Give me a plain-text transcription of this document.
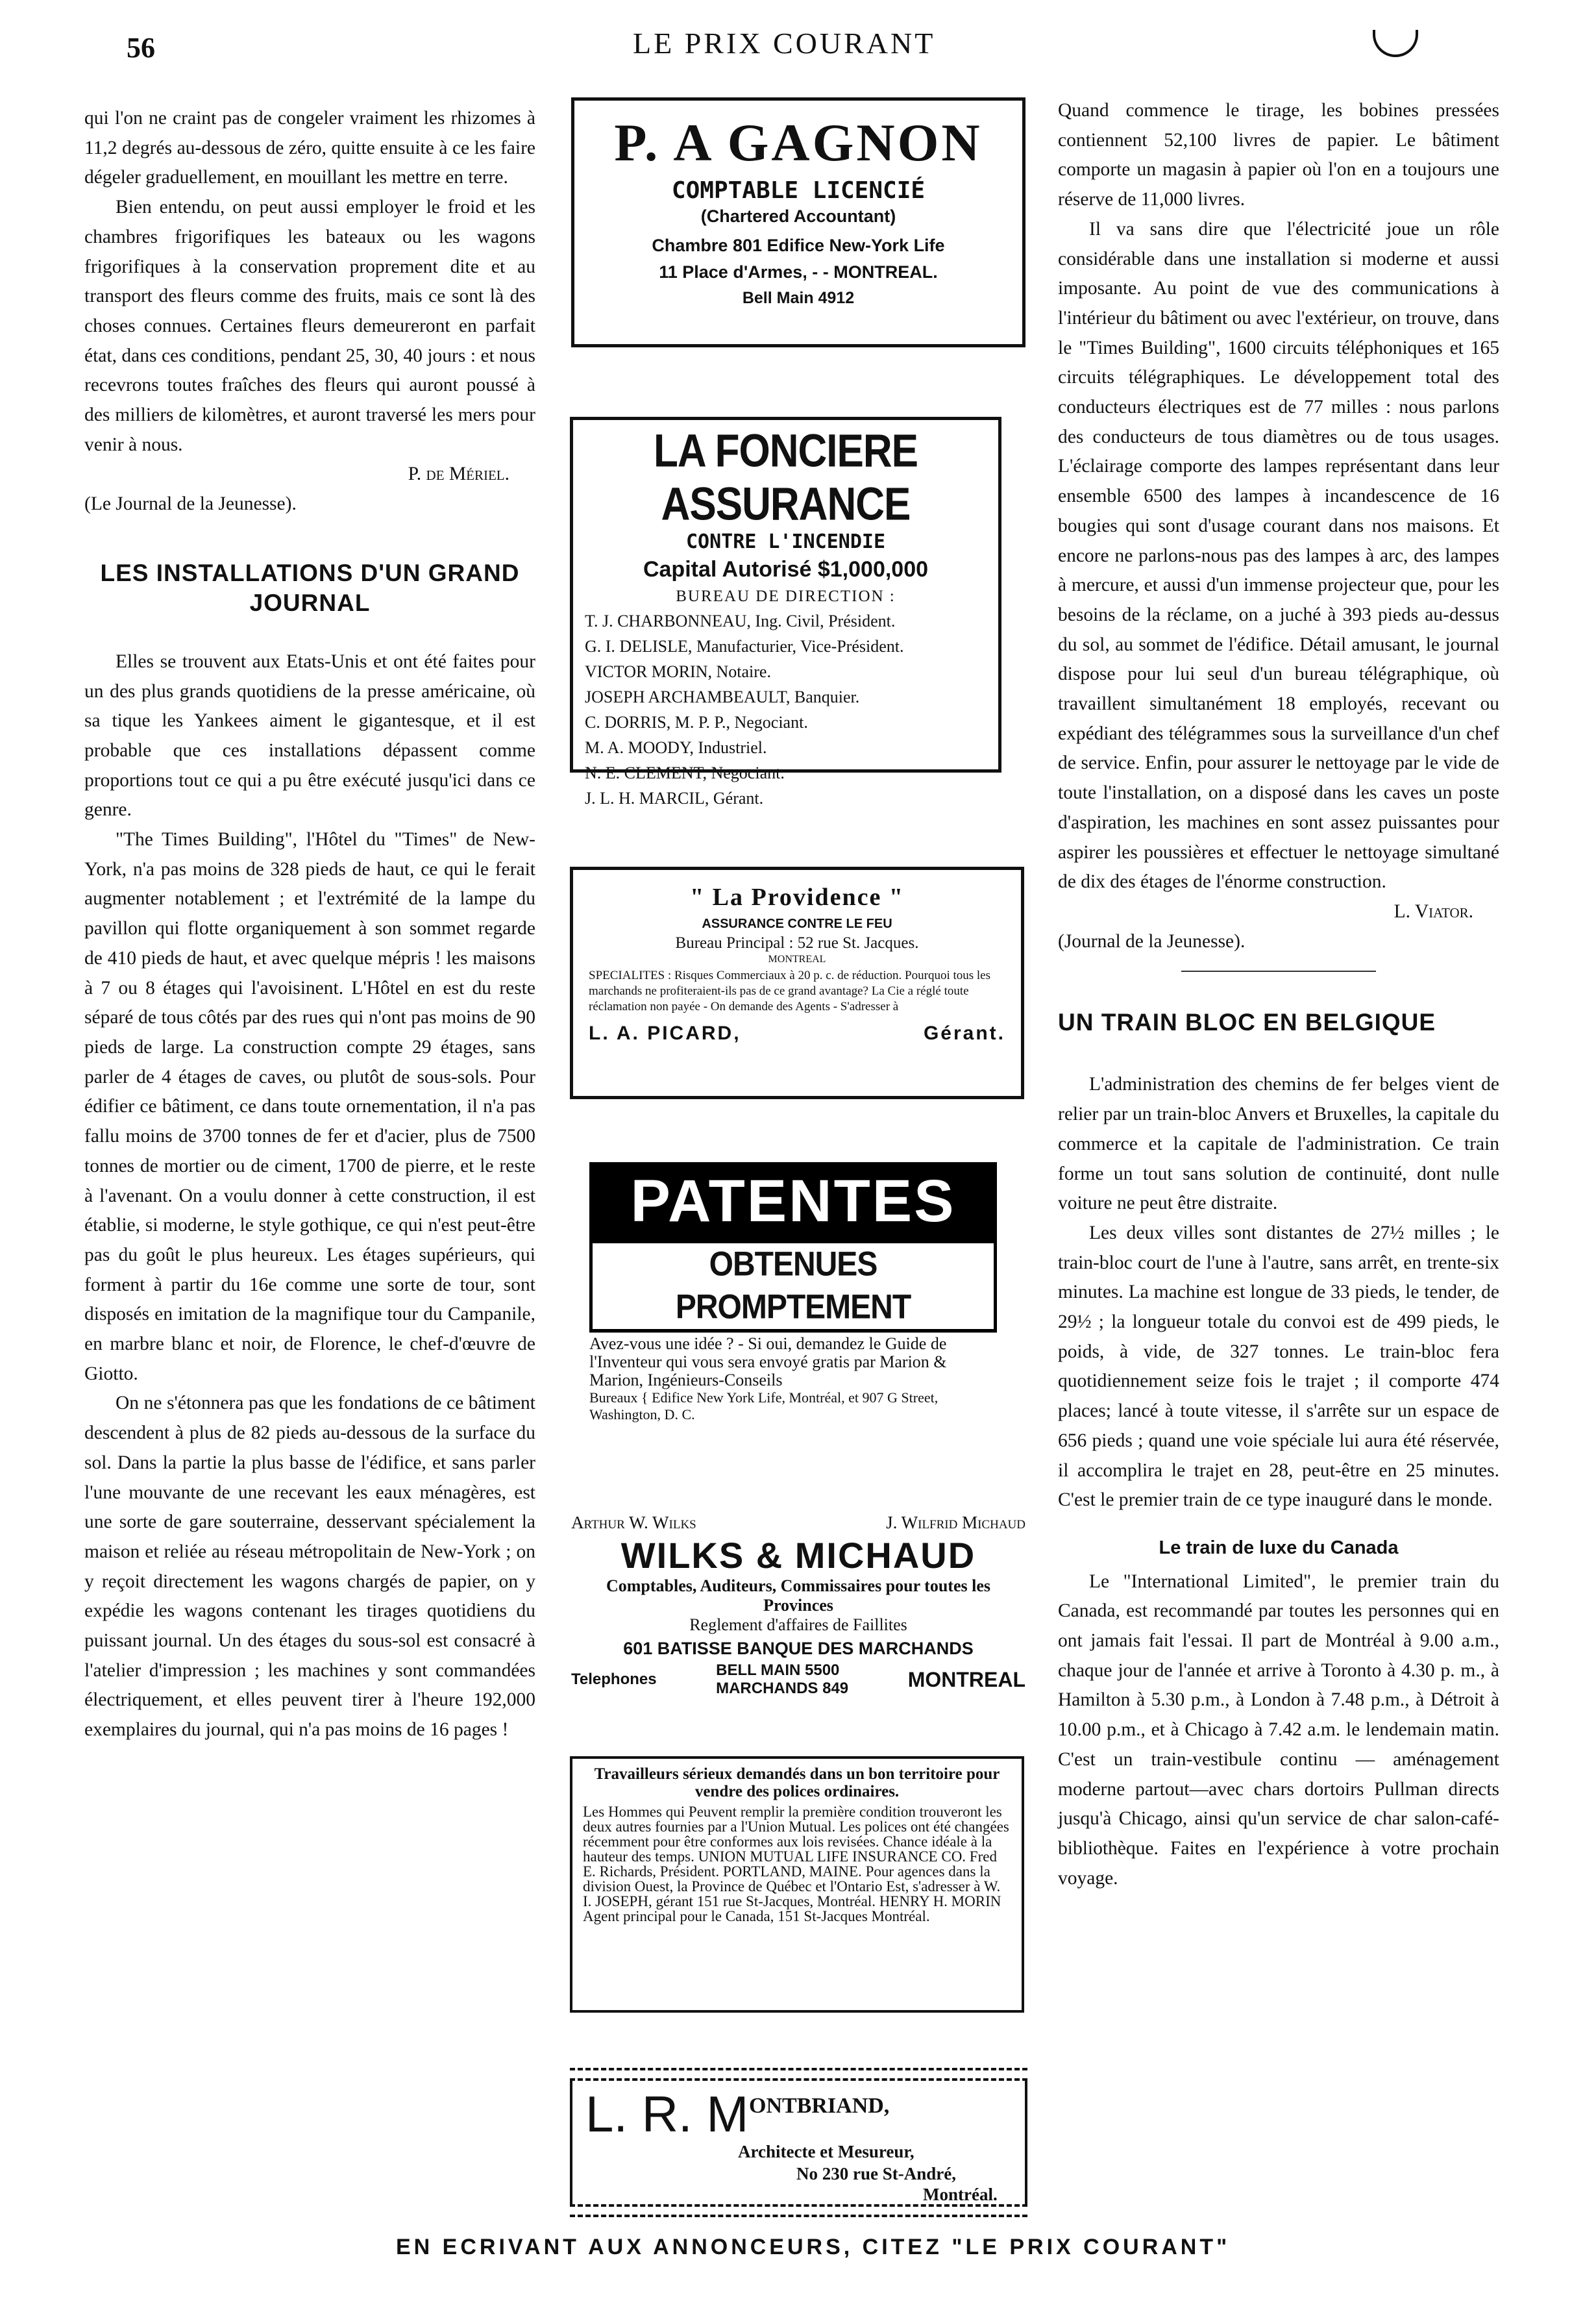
56	LE PRIX COURANT

qui l'on ne craint pas de congeler vraiment les rhizomes à 11,2 degrés au-dessous de zéro, quitte ensuite à ce les faire dégeler graduellement, en mouillant les mettre en terre.

Bien entendu, on peut aussi employer le froid et les chambres frigorifiques les bateaux ou les wagons frigorifiques à la conservation proprement dite et au transport des fleurs comme des fruits, mais ce sont là des choses connues. Certaines fleurs demeureront en parfait état, dans ces conditions, pendant 25, 30, 40 jours : et nous recevrons toutes fraîches des fleurs qui auront poussé à des milliers de kilomètres, et auront traversé les mers pour venir à nous.

P. de Mériel.

(Le Journal de la Jeunesse).

LES INSTALLATIONS D'UN GRAND JOURNAL

Elles se trouvent aux Etats-Unis et ont été faites pour un des plus grands quotidiens de la presse américaine, où sa tique les Yankees aiment le gigantesque, et il est probable que ces installations dépassent comme proportions tout ce qui a pu être exécuté jusqu'ici dans ce genre.

"The Times Building", l'Hôtel du "Times" de New-York, n'a pas moins de 328 pieds de haut, ce qui le ferait augmenter notablement ; et l'extrémité de la lampe du pavillon qui flotte organiquement à son sommet regarde de 410 pieds de haut, et avec quelque mépris ! les maisons à 7 ou 8 étages qui l'avoisinent. L'Hôtel en est du reste séparé de tous côtés par des rues qui n'ont pas moins de 90 pieds de large. La construction compte 29 étages, sans parler de 4 étages de caves, ou plutôt de sous-sols. Pour édifier ce bâtiment, ce dans toute ornementation, il n'a pas fallu moins de 3700 tonnes de fer et d'acier, plus de 7500 tonnes de mortier ou de ciment, 1700 de pierre, et le reste à l'avenant. On a voulu donner à cette construction, il est établie, si moderne, le style gothique, ce qui n'est peut-être pas du goût le plus heureux. Les étages supérieurs, qui forment à partir du 16e comme une sorte de tour, sont disposés en imitation de la magnifique tour du Campanile, en marbre blanc et noir, de Florence, le chef-d'œuvre de Giotto.

On ne s'étonnera pas que les fondations de ce bâtiment descendent à plus de 82 pieds au-dessous de la surface du sol. Dans la partie la plus basse de l'édifice, et sans parler l'une mouvante de une recevant les eaux ménagères, est une sorte de gare souterraine, desservant spécialement la maison et reliée au réseau métropolitain de New-York ; on y reçoit directement les wagons chargés de papier, on y expédie les wagons contenant les tirages quotidiens du puissant journal. Un des étages du sous-sol est consacré à l'atelier d'impression ; les machines y sont commandées électriquement, et elles peuvent tirer à l'heure 192,000 exemplaires du journal, qui n'a pas moins de 16 pages !

P. A GAGNON
COMPTABLE LICENCIÉ
(Chartered Accountant)
Chambre 801 Edifice New-York Life
11 Place d'Armes, - - MONTREAL.
Bell Main 4912
LA FONCIERE ASSURANCE
CONTRE L'INCENDIE
Capital Autorisé $1,000,000
BUREAU DE DIRECTION :
T. J. CHARBONNEAU, Ing. Civil, Président.
G. I. DELISLE, Manufacturier, Vice-Président.
VICTOR MORIN, Notaire.
JOSEPH ARCHAMBEAULT, Banquier.
C. DORRIS, M. P. P., Negociant.
M. A. MOODY, Industriel.
N. E. CLEMENT, Negociant.
J. L. H. MARCIL, Gérant.
" La Providence "
ASSURANCE CONTRE LE FEU
Bureau Principal : 52 rue St. Jacques.
MONTREAL
SPECIALITES : Risques Commerciaux à 20 p. c. de réduction. Pourquoi tous les marchands ne profiteraient-ils pas de ce grand avantage? La Cie a réglé toute réclamation non payée - On demande des Agents - S'adresser à
L. A. PICARD,	Gérant.
PATENTES
OBTENUES PROMPTEMENT
Avez-vous une idée ? - Si oui, demandez le Guide de l'Inventeur qui vous sera envoyé gratis par Marion & Marion, Ingénieurs-Conseils
Bureaux { Edifice New York Life, Montréal, et 907 G Street, Washington, D. C.
Arthur W. Wilks	J. Wilfrid Michaud
WILKS & MICHAUD
Comptables, Auditeurs, Commissaires pour toutes les Provinces
Reglement d'affaires de Faillites
601 BATISSE BANQUE DES MARCHANDS
Telephones
BELL MAIN 5500
MARCHANDS 849	MONTREAL
Travailleurs sérieux demandés dans un bon territoire pour vendre des polices ordinaires.
Les Hommes qui Peuvent remplir la première condition trouveront les deux autres fournies par a l'Union Mutual. Les polices ont été changées récemment pour être conformes aux lois revisées. Chance idéale à la hauteur des temps. UNION MUTUAL LIFE INSURANCE CO. Fred E. Richards, Président. PORTLAND, MAINE. Pour agences dans la division Ouest, la Province de Québec et l'Ontario Est, s'adresser à W. I. JOSEPH, gérant 151 rue St-Jacques, Montréal. HENRY H. MORIN Agent principal pour le Canada, 151 St-Jacques Montréal.
L. R. M ONTBRIAND,
Architecte et Mesureur,
No 230 rue St-André,
Montréal.

Quand commence le tirage, les bobines pressées contiennent 52,100 livres de papier. Le bâtiment comporte un magasin à papier où l'on en a toujours une réserve de 11,000 livres.

Il va sans dire que l'électricité joue un rôle considérable dans une installation si moderne et aussi imposante. Au point de vue des communications à l'intérieur du bâtiment ou avec l'extérieur, on trouve, dans le "Times Building", 1600 circuits téléphoniques et 165 circuits télégraphiques. Le développement total des conducteurs électriques est de 77 milles : nous parlons des conducteurs de tous diamètres ou de tous usages. L'éclairage comporte des lampes représentant dans leur ensemble 6500 des lampes à incandescence de 16 bougies qui sont d'usage courant dans nos maisons. Et encore ne parlons-nous pas des lampes à arc, des lampes à mercure, et aussi d'un immense projecteur que, pour les besoins de la réclame, on a juché à 393 pieds au-dessus du sol, au sommet de l'édifice. Détail amusant, le journal dispose pour lui seul d'un bureau télégraphique, où travaillent simultanément 18 employés, recevant ou expédiant des télégrammes sous la surveillance d'un chef de service. Enfin, pour assurer le nettoyage par le vide de toute l'installation, on a disposé dans les caves un poste d'aspiration, les machines en sont assez puissantes pour aspirer les poussières et effectuer le nettoyage simultané de dix des étages de l'énorme construction.

L. Viator.

(Journal de la Jeunesse).

UN TRAIN BLOC EN BELGIQUE

L'administration des chemins de fer belges vient de relier par un train-bloc Anvers et Bruxelles, la capitale du commerce et la capitale de l'administration. Ce train forme un tout sans solution de continuité, dont nulle voiture ne peut être distraite.

Les deux villes sont distantes de 27½ milles ; le train-bloc court de l'une à l'autre, sans arrêt, en trente-six minutes. La machine est longue de 33 pieds, le tender, de 29½ ; la longueur totale du convoi est de 499 pieds, le poids, à vide, de 327 tonnes. Le train-bloc fera quotidiennement seize fois le trajet ; il comporte 474 places; lancé à toute vitesse, il s'arrête sur un espace de 656 pieds ; quand une voie spéciale lui aura été réservée, il accomplira le trajet en 28, peut-être en 25 minutes. C'est le premier train de ce type inauguré dans le monde.

Le train de luxe du Canada

Le "International Limited", le premier train du Canada, est recommandé par toutes les personnes qui en ont jamais fait l'essai. Il part de Montréal à 9.00 a.m., chaque jour de l'année et arrive à Toronto à 4.30 p. m., à Hamilton à 5.30 p.m., à London à 7.48 p.m., à Détroit à 10.00 p.m., et à Chicago à 7.42 a.m. le lendemain matin. C'est un train-vestibule continu — aménagement moderne partout—avec chars dortoirs Pullman directs jusqu'à Chicago, ainsi qu'un service de char salon-café-bibliothèque. Faites en l'expérience à votre prochain voyage.

EN ECRIVANT AUX ANNONCEURS, CITEZ "LE PRIX COURANT"
